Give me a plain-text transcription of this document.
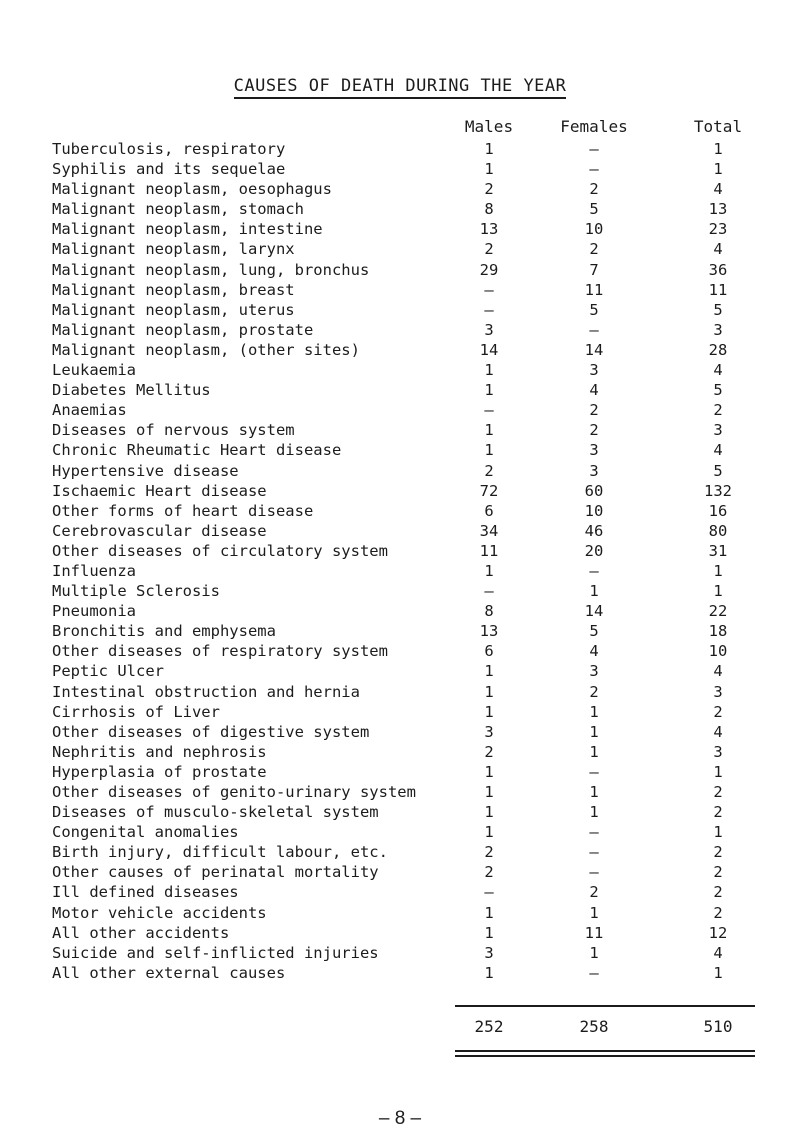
CAUSES OF DEATH DURING THE YEAR
Males	Females	Total
Tuberculosis, respiratory	1	–	1
Syphilis and its sequelae	1	–	1
Malignant neoplasm, oesophagus	2	2	4
Malignant neoplasm, stomach	8	5	13
Malignant neoplasm, intestine	13	10	23
Malignant neoplasm, larynx	2	2	4
Malignant neoplasm, lung, bronchus	29	7	36
Malignant neoplasm, breast	–	11	11
Malignant neoplasm, uterus	–	5	5
Malignant neoplasm, prostate	3	–	3
Malignant neoplasm, (other sites)	14	14	28
Leukaemia	1	3	4
Diabetes Mellitus	1	4	5
Anaemias	–	2	2
Diseases of nervous system	1	2	3
Chronic Rheumatic Heart disease	1	3	4
Hypertensive disease	2	3	5
Ischaemic Heart disease	72	60	132
Other forms of heart disease	6	10	16
Cerebrovascular disease	34	46	80
Other diseases of circulatory system	11	20	31
Influenza	1	–	1
Multiple Sclerosis	–	1	1
Pneumonia	8	14	22
Bronchitis and emphysema	13	5	18
Other diseases of respiratory system	6	4	10
Peptic Ulcer	1	3	4
Intestinal obstruction and hernia	1	2	3
Cirrhosis of Liver	1	1	2
Other diseases of digestive system	3	1	4
Nephritis and nephrosis	2	1	3
Hyperplasia of prostate	1	–	1
Other diseases of genito-urinary system	1	1	2
Diseases of musculo-skeletal system	1	1	2
Congenital anomalies	1	–	1
Birth injury, difficult labour, etc.	2	–	2
Other causes of perinatal mortality	2	–	2
Ill defined diseases	–	2	2
Motor vehicle accidents	1	1	2
All other accidents	1	11	12
Suicide and self-inflicted injuries	3	1	4
All other external causes	1	–	1
252	258	510
– 8 –
